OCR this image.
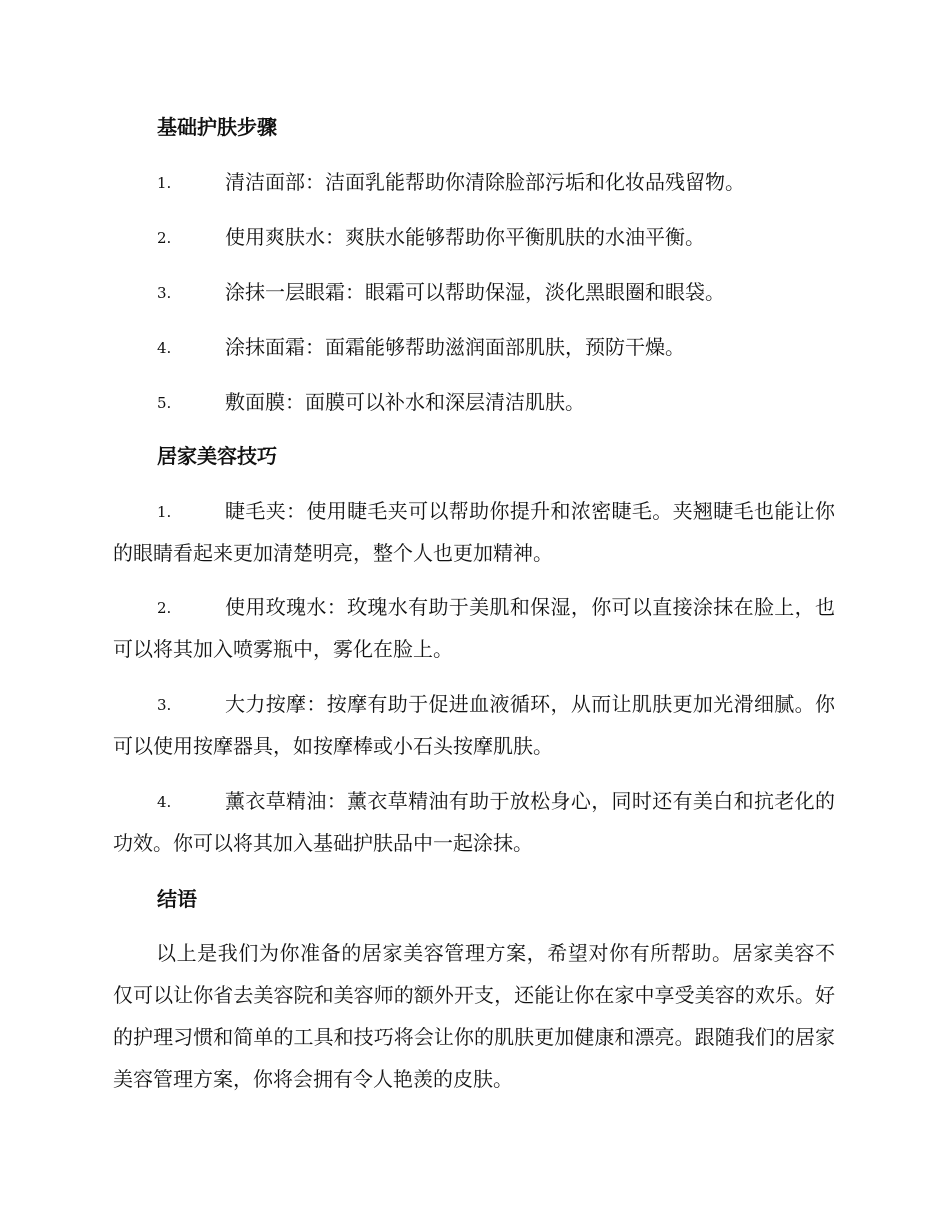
基础护肤步骤
1.	清洁面部：洁面乳能帮助你清除脸部污垢和化妆品残留物。
2.	使用爽肤水：爽肤水能够帮助你平衡肌肤的水油平衡。
3.	涂抹一层眼霜：眼霜可以帮助保湿，淡化黑眼圈和眼袋。
4.	涂抹面霜：面霜能够帮助滋润面部肌肤，预防干燥。
5.	敷面膜：面膜可以补水和深层清洁肌肤。
居家美容技巧
1.	睫毛夹：使用睫毛夹可以帮助你提升和浓密睫毛。夹翘睫毛也能让你的眼睛看起来更加清楚明亮，整个人也更加精神。
2.	使用玫瑰水：玫瑰水有助于美肌和保湿，你可以直接涂抹在脸上，也可以将其加入喷雾瓶中，雾化在脸上。
3.	大力按摩：按摩有助于促进血液循环，从而让肌肤更加光滑细腻。你可以使用按摩器具，如按摩棒或小石头按摩肌肤。
4.	薰衣草精油：薰衣草精油有助于放松身心，同时还有美白和抗老化的功效。你可以将其加入基础护肤品中一起涂抹。
结语
以上是我们为你准备的居家美容管理方案，希望对你有所帮助。居家美容不仅可以让你省去美容院和美容师的额外开支，还能让你在家中享受美容的欢乐。好的护理习惯和简单的工具和技巧将会让你的肌肤更加健康和漂亮。跟随我们的居家美容管理方案，你将会拥有令人艳羡的皮肤。
